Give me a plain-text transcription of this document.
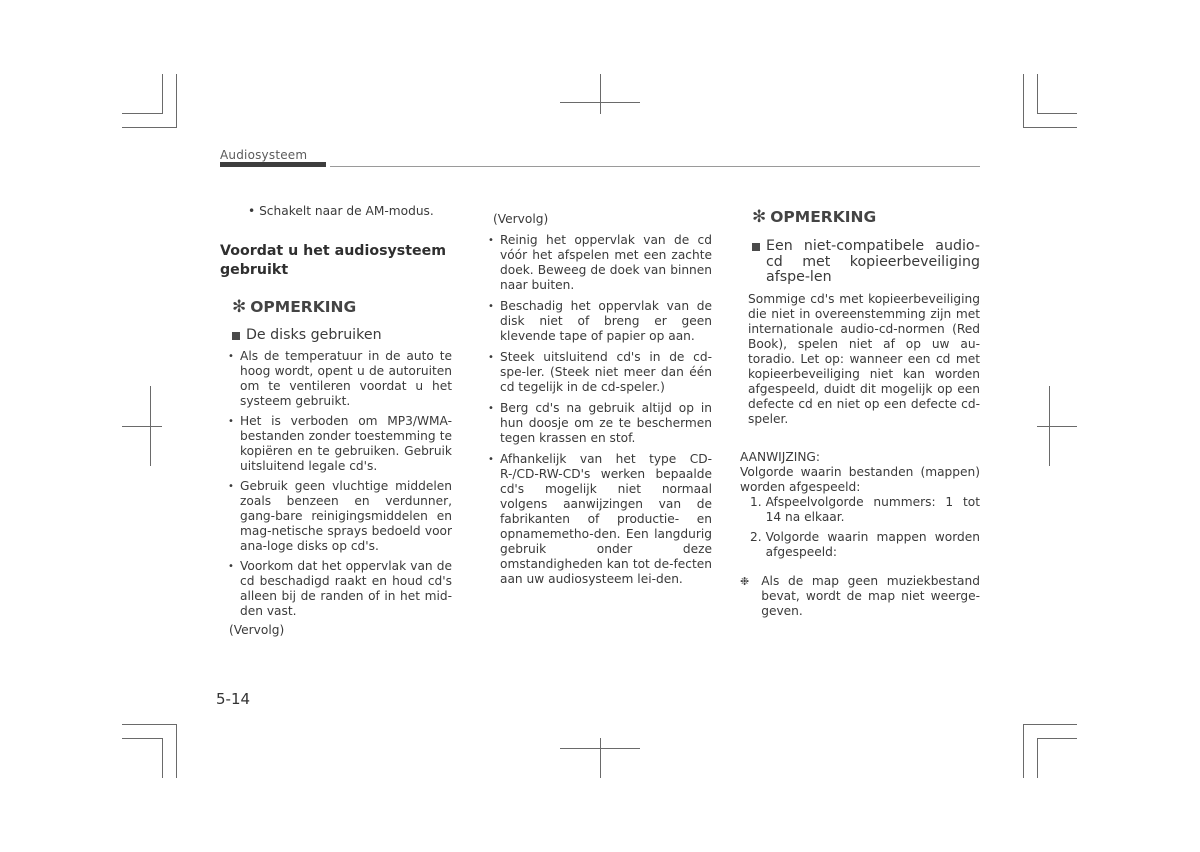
Audiosysteem

• Schakelt naar de AM-modus.

Voordat u het audiosysteem gebruikt

✻ OPMERKING
De disks gebruiken
• Als de temperatuur in de auto te hoog wordt, opent u de autoruiten om te ventileren voordat u het systeem gebruikt.
• Het is verboden om MP3/WMA-bestanden zonder toestemming te kopiëren en te gebruiken. Gebruik uitsluitend legale cd's.
• Gebruik geen vluchtige middelen zoals benzeen en verdunner, gang-bare reinigingsmiddelen en mag-netische sprays bedoeld voor ana-loge disks op cd's.
• Voorkom dat het oppervlak van de cd beschadigd raakt en houd cd's alleen bij de randen of in het mid-den vast.

(Vervolg)

(Vervolg)

• Reinig het oppervlak van de cd vóór het afspelen met een zachte doek. Beweeg de doek van binnen naar buiten.
• Beschadig het oppervlak van de disk niet of breng er geen klevende tape of papier op aan.
• Steek uitsluitend cd's in de cd-spe-ler. (Steek niet meer dan één cd tegelijk in de cd-speler.)
• Berg cd's na gebruik altijd op in hun doosje om ze te beschermen tegen krassen en stof.
• Afhankelijk van het type CD-R-/CD-RW-CD's werken bepaalde cd's mogelijk niet normaal volgens aanwijzingen van de fabrikanten of productie- en opnamemetho-den. Een langdurig gebruik onder deze omstandigheden kan tot de-fecten aan uw audiosysteem lei-den.
✻ OPMERKING
Een niet-compatibele audio-cd met kopieerbeveiliging afspe-len

Sommige cd's met kopieerbeveiliging die niet in overeenstemming zijn met internationale audio-cd-normen (Red Book), spelen niet af op uw au-toradio. Let op: wanneer een cd met kopieerbeveiliging niet kan worden afgespeeld, duidt dit mogelijk op een defecte cd en niet op een defecte cd-speler.

AANWIJZING:

Volgorde waarin bestanden (mappen) worden afgespeeld:

1. Afspeelvolgorde nummers: 1 tot 14 na elkaar.
2. Volgorde waarin mappen worden afgespeeld:
❉ Als de map geen muziekbestand bevat, wordt de map niet weerge-geven.
5-14
